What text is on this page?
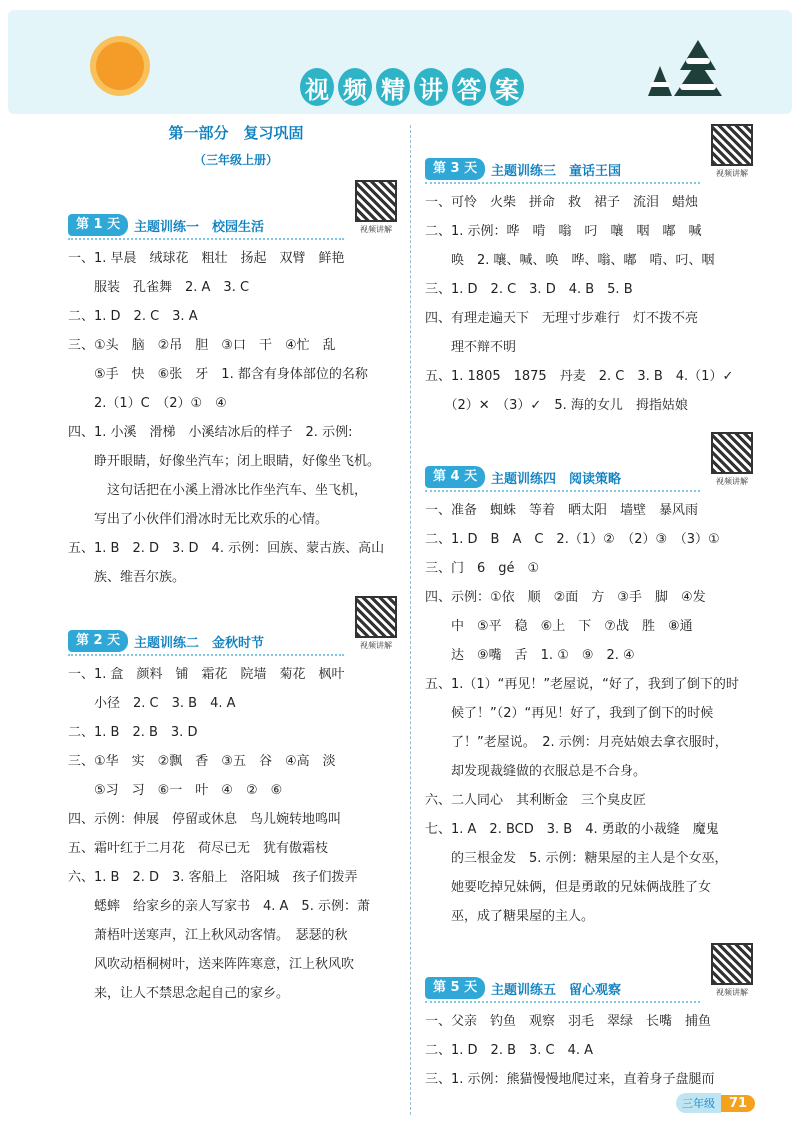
视 频 精 讲 答 案
第一部分　复习巩固
（三年级上册）
第 1 天	主题训练一　校园生活	视频讲解
一、1. 早晨　绒球花　粗壮　扬起　双臂　鲜艳
　　服装　孔雀舞　2. A　3. C
二、1. D　2. C　3. A
三、①头　脑　②吊　胆　③口　干　④忙　乱
　　⑤手　快　⑥张　牙　1. 都含有身体部位的名称
　　2.（1）C　（2）①　④
四、1. 小溪　滑梯　小溪结冰后的样子　2. 示例:
　　睁开眼睛，好像坐汽车；闭上眼睛，好像坐飞机。
　　　这句话把在小溪上滑冰比作坐汽车、坐飞机，
　　写出了小伙伴们滑冰时无比欢乐的心情。
五、1. B　2. D　3. D　4. 示例：回族、蒙古族、高山
　　族、维吾尔族。
第 2 天	主题训练二　金秋时节	视频讲解
一、1. 盒　颜料　铺　霜花　院墙　菊花　枫叶
　　小径　2. C　3. B　4. A
二、1. B　2. B　3. D
三、①华　实　②飘　香　③五　谷　④高　淡
　　⑤习　习　⑥一　叶　④　②　⑥
四、示例：伸展　停留或休息　鸟儿婉转地鸣叫
五、霜叶红于二月花　荷尽已无　犹有傲霜枝
六、1. B　2. D　3. 客船上　洛阳城　孩子们拨弄
　　蟋蟀　给家乡的亲人写家书　4. A　5. 示例：萧
　　萧梧叶送寒声，江上秋风动客情。　瑟瑟的秋
　　风吹动梧桐树叶，送来阵阵寒意，江上秋风吹
　　来，让人不禁思念起自己的家乡。
第 3 天	主题训练三　童话王国	视频讲解
一、可怜　火柴　拼命　救　裙子　流泪　蜡烛
二、1. 示例：哗　啃　嗡　叼　嚷　咽　嘟　喊
　　唤　2. 嚷、喊、唤　哗、嗡、嘟　啃、叼、咽
三、1. D　2. C　3. D　4. B　5. B
四、有理走遍天下　无理寸步难行　灯不拨不亮
　　理不辩不明
五、1. 1805　1875　丹麦　2. C　3. B　4.（1）✓
　　（2）✕　（3）✓　5. 海的女儿　拇指姑娘
第 4 天	主题训练四　阅读策略	视频讲解
一、准备　蜘蛛　等着　晒太阳　墙壁　暴风雨
二、1. D　B　A　C　2.（1）②　（2）③　（3）①
三、门　6　gé　①
四、示例：①依　顺　②面　方　③手　脚　④发
　　中　⑤平　稳　⑥上　下　⑦战　胜　⑧通
　　达　⑨嘴　舌　1. ①　⑨　2. ④
五、1.（1）“再见！”老屋说，“好了，我到了倒下的时
　　候了！”（2）“再见！好了，我到了倒下的时候
　　了！”老屋说。　2. 示例：月亮姑娘去拿衣服时，
　　却发现裁缝做的衣服总是不合身。
六、二人同心　其利断金　三个臭皮匠
七、1. A　2. BCD　3. B　4. 勇敢的小裁缝　魔鬼
　　的三根金发　5. 示例：糖果屋的主人是个女巫，
　　她要吃掉兄妹俩，但是勇敢的兄妹俩战胜了女
　　巫，成了糖果屋的主人。
第 5 天	主题训练五　留心观察	视频讲解
一、父亲　钓鱼　观察　羽毛　翠绿　长嘴　捕鱼
二、1. D　2. B　3. C　4. A
三、1. 示例：熊猫慢慢地爬过来，直着身子盘腿而
三年级	71
